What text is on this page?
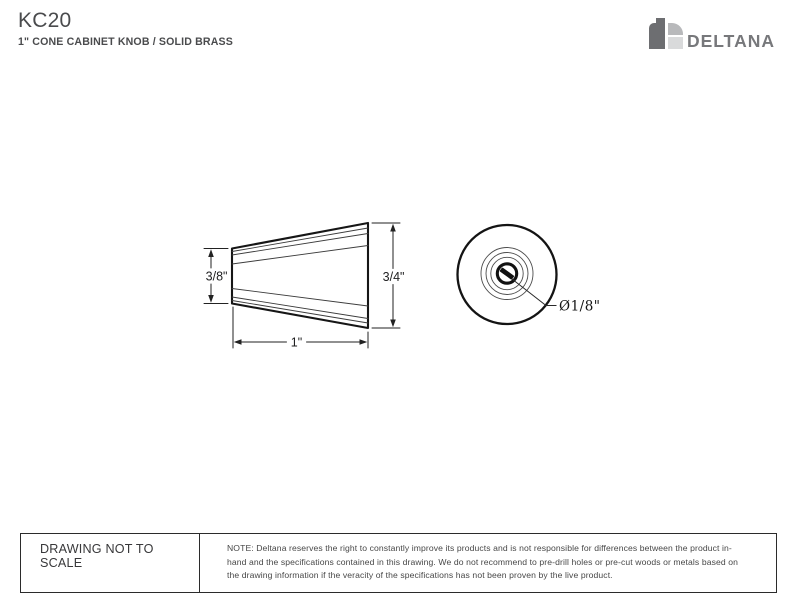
KC20
1" CONE CABINET KNOB / SOLID BRASS	DELTANA
3/8"	3/4"
1"
Ø1/8"
DRAWING NOT TO SCALE
NOTE: Deltana reserves the right to constantly improve its products and is not responsible for differences between the product in-hand and the specifications contained in this drawing. We do not recommend to pre-drill holes or pre-cut woods or metals based on the drawing information if the veracity of the specifications has not been proven by the live product.
